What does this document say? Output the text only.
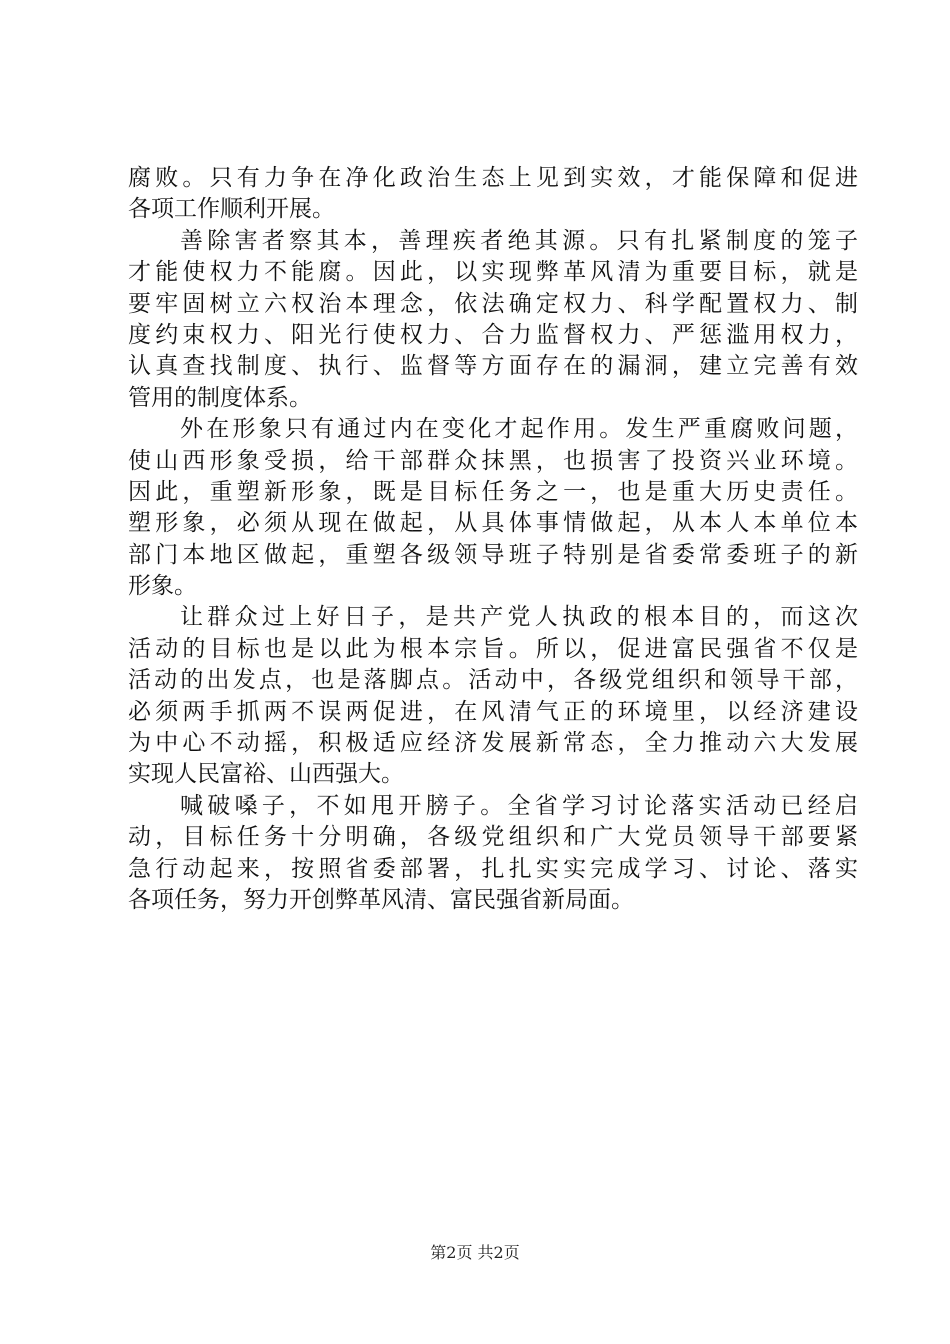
腐败。只有力争在净化政治生态上见到实效，才能保障和促进
各项工作顺利开展。
善除害者察其本，善理疾者绝其源。只有扎紧制度的笼子
才能使权力不能腐。因此，以实现弊革风清为重要目标，就是
要牢固树立六权治本理念，依法确定权力、科学配置权力、制
度约束权力、阳光行使权力、合力监督权力、严惩滥用权力，
认真查找制度、执行、监督等方面存在的漏洞，建立完善有效
管用的制度体系。
外在形象只有通过内在变化才起作用。发生严重腐败问题，
使山西形象受损，给干部群众抹黑，也损害了投资兴业环境。
因此，重塑新形象，既是目标任务之一，也是重大历史责任。
塑形象，必须从现在做起，从具体事情做起，从本人本单位本
部门本地区做起，重塑各级领导班子特别是省委常委班子的新
形象。
让群众过上好日子，是共产党人执政的根本目的，而这次
活动的目标也是以此为根本宗旨。所以，促进富民强省不仅是
活动的出发点，也是落脚点。活动中，各级党组织和领导干部，
必须两手抓两不误两促进，在风清气正的环境里，以经济建设
为中心不动摇，积极适应经济发展新常态，全力推动六大发展
实现人民富裕、山西强大。
喊破嗓子，不如甩开膀子。全省学习讨论落实活动已经启
动，目标任务十分明确，各级党组织和广大党员领导干部要紧
急行动起来，按照省委部署，扎扎实实完成学习、讨论、落实
各项任务，努力开创弊革风清、富民强省新局面。
第2页 共2页
